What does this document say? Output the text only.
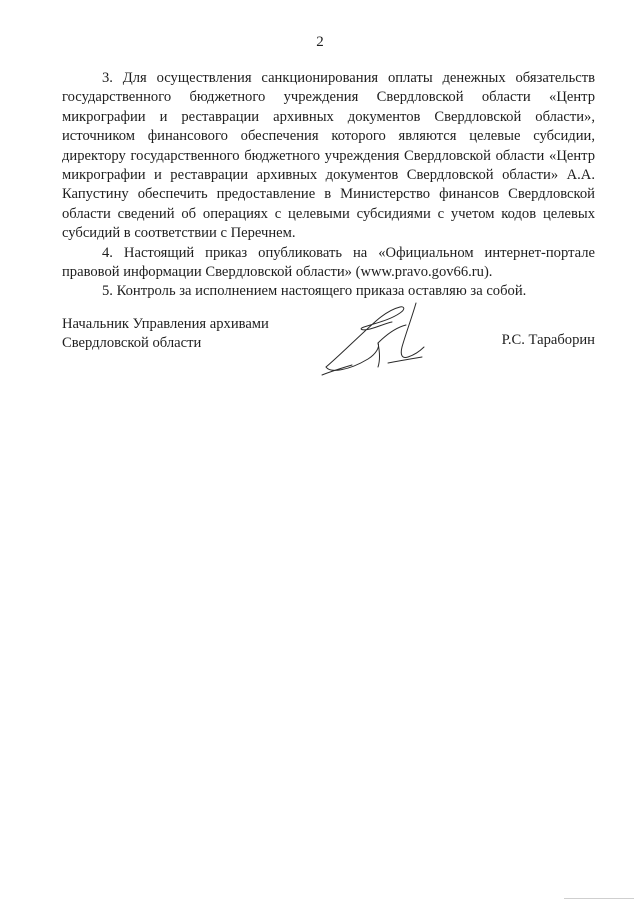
2

3. Для осуществления санкционирования оплаты денежных обязательств государственного бюджетного учреждения Свердловской области «Центр микрографии и реставрации архивных документов Свердловской области», источником финансового обеспечения которого являются целевые субсидии, директору государственного бюджетного учреждения Свердловской области «Центр микрографии и реставрации архивных документов Свердловской области» А.А. Капустину обеспечить предоставление в Министерство финансов Свердловской области сведений об операциях с целевыми субсидиями с учетом кодов целевых субсидий в соответствии с Перечнем.

4. Настоящий приказ опубликовать на «Официальном интернет-портале правовой информации Свердловской области» (www.pravo.gov66.ru).

5. Контроль за исполнением настоящего приказа оставляю за собой.

Начальник Управления архивами
Свердловской области	Р.С. Тараборин
